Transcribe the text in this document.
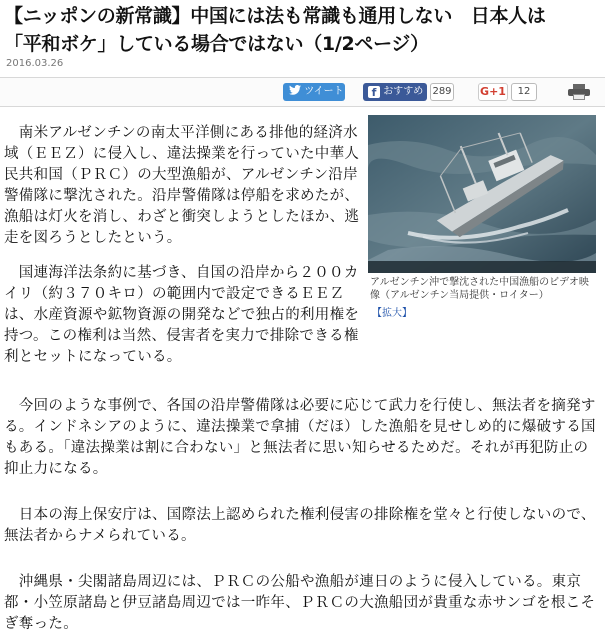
【ニッポンの新常識】中国には法も常識も通用しない　日本人は
「平和ボケ」している場合ではない（1/2ページ）
2016.03.26
ツイート	f おすすめ 289	G+1	12

　南米アルゼンチンの南太平洋側にある排他的経済水域（ＥＥＺ）に侵入し、違法操業を行っていた中華人民共和国（ＰＲＣ）の大型漁船が、アルゼンチン沿岸警備隊に撃沈された。沿岸警備隊は停船を求めたが、漁船は灯火を消し、わざと衝突しようとしたほか、逃走を図ろうとしたという。

アルゼンチン沖で撃沈された中国漁船のビデオ映像（アルゼンチン当局提供・ロイター）
【拡大】

　国連海洋法条約に基づき、自国の沿岸から２００カイリ（約３７０キロ）の範囲内で設定できるＥＥＺは、水産資源や鉱物資源の開発などで独占的利用権を持つ。この権利は当然、侵害者を実力で排除できる権利とセットになっている。

　今回のような事例で、各国の沿岸警備隊は必要に応じて武力を行使し、無法者を摘発する。インドネシアのように、違法操業で拿捕（だほ）した漁船を見せしめ的に爆破する国もある。「違法操業は割に合わない」と無法者に思い知らせるためだ。それが再犯防止の抑止力になる。

　日本の海上保安庁は、国際法上認められた権利侵害の排除権を堂々と行使しないので、無法者からナメられている。

　沖縄県・尖閣諸島周辺には、ＰＲＣの公船や漁船が連日のように侵入している。東京都・小笠原諸島と伊豆諸島周辺では一昨年、ＰＲＣの大漁船団が貴重な赤サンゴを根こそぎ奪った。
